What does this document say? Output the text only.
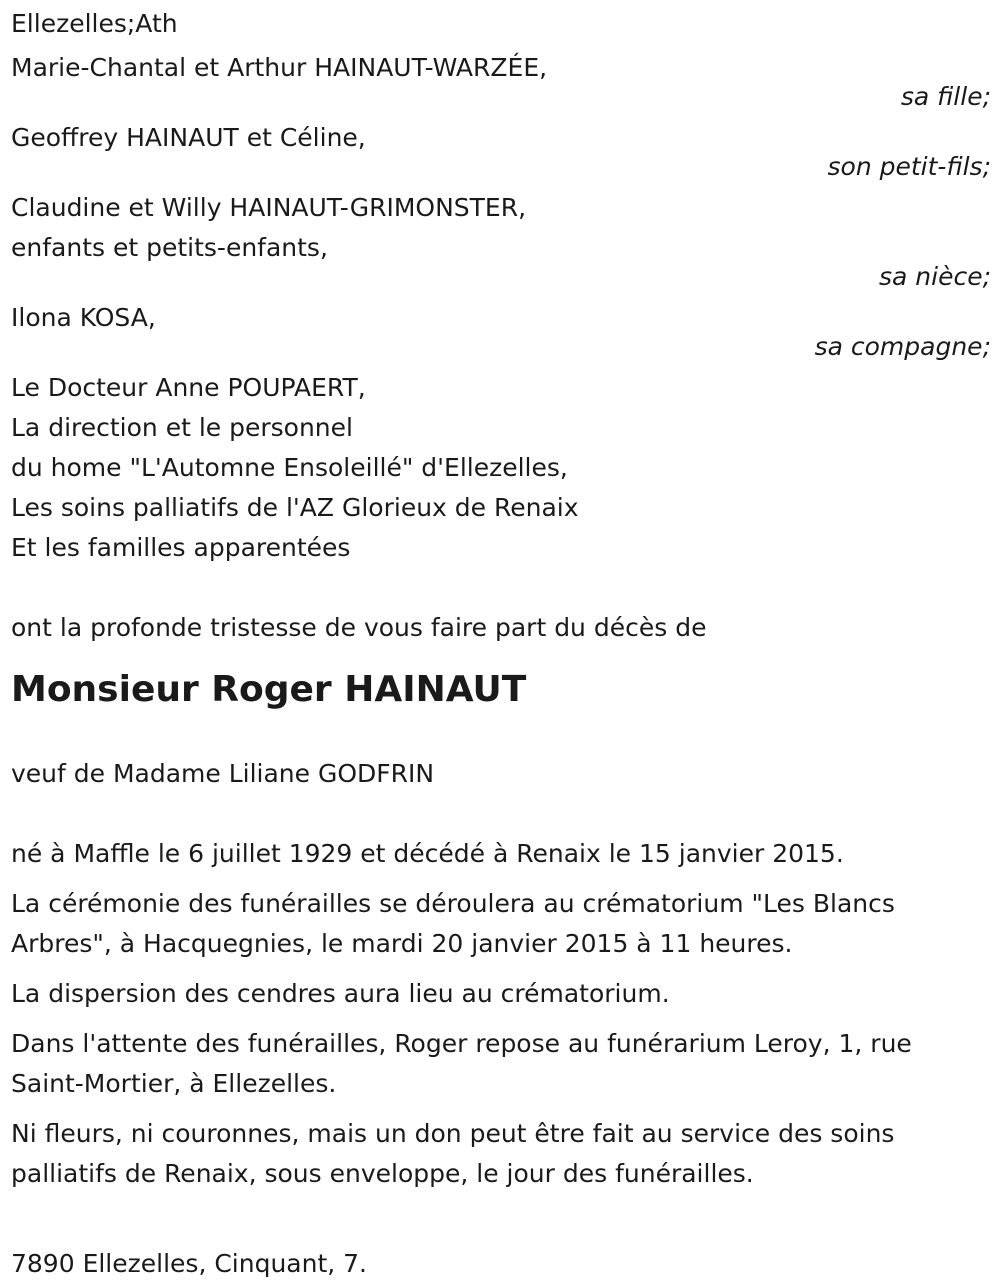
Ellezelles;Ath
Marie-Chantal et Arthur HAINAUT-WARZÉE,
sa fille;
Geoffrey HAINAUT et Céline,
son petit-fils;
Claudine et Willy HAINAUT-GRIMONSTER,
enfants et petits-enfants,
sa nièce;
Ilona KOSA,
sa compagne;
Le Docteur Anne POUPAERT,
La direction et le personnel
du home "L'Automne Ensoleillé" d'Ellezelles,
Les soins palliatifs de l'AZ Glorieux de Renaix
Et les familles apparentées
ont la profonde tristesse de vous faire part du décès de
Monsieur Roger HAINAUT
veuf de Madame Liliane GODFRIN
né à Maffle le 6 juillet 1929 et décédé à Renaix le 15 janvier 2015.
La cérémonie des funérailles se déroulera au crématorium "Les Blancs Arbres", à Hacquegnies, le mardi 20 janvier 2015 à 11 heures.
La dispersion des cendres aura lieu au crématorium.
Dans l'attente des funérailles, Roger repose au funérarium Leroy, 1, rue Saint-Mortier, à Ellezelles.
Ni fleurs, ni couronnes, mais un don peut être fait au service des soins palliatifs de Renaix, sous enveloppe, le jour des funérailles.
7890 Ellezelles, Cinquant, 7.
